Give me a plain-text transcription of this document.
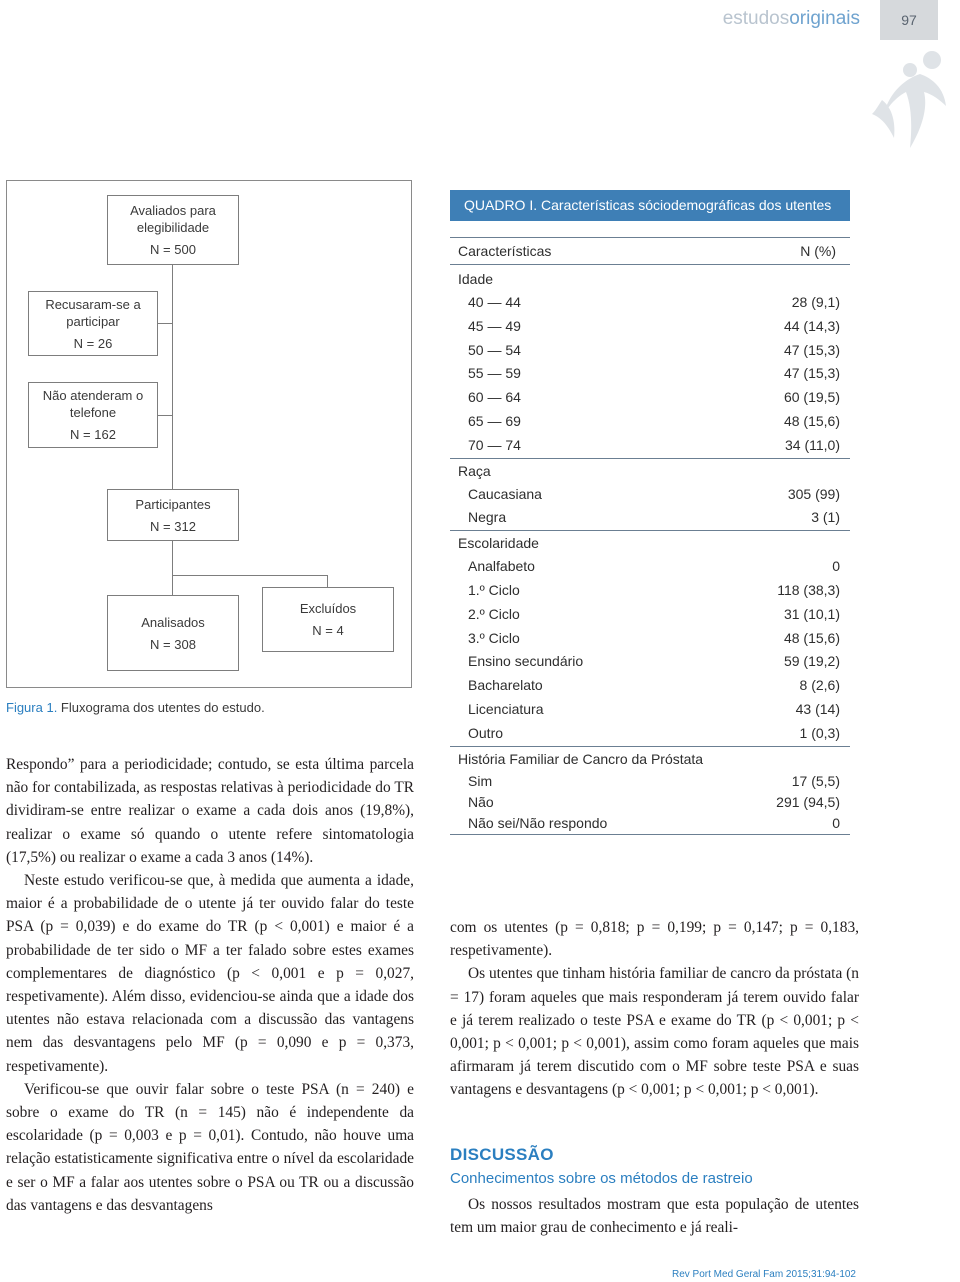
estudosoriginais	97
Avaliados para
elegibilidade
N = 500
Recusaram-se a
participar
N = 26
Não atenderam o
telefone
N = 162
Participantes
N = 312
Analisados
N = 308
Excluídos
N = 4
Figura 1. Fluxograma dos utentes do estudo.

Respondo” para a periodicidade; contudo, se esta última parcela não for contabilizada, as respostas relativas à periodicidade do TR dividiram-se entre realizar o exame a cada dois anos (19,8%), realizar o exame só quando o utente refere sintomatologia (17,5%) ou realizar o exame a cada 3 anos (14%).

Neste estudo verificou-se que, à medida que aumenta a idade, maior é a probabilidade de o utente já ter ouvido falar do teste PSA (p = 0,039) e do exame do TR (p < 0,001) e maior é a probabilidade de ter sido o MF a ter falado sobre estes exames complementares de diagnóstico (p < 0,001 e p = 0,027, respetivamente). Além disso, evidenciou-se ainda que a idade dos utentes não estava relacionada com a discussão das vantagens nem das desvantagens pelo MF (p = 0,090 e p = 0,373, respetivamente).

Verificou-se que ouvir falar sobre o teste PSA (n = 240) e sobre o exame do TR (n = 145) não é independente da escolaridade (p = 0,003 e p = 0,01). Contudo, não houve uma relação estatisticamente significativa entre o nível da escolaridade e ser o MF a falar aos utentes sobre o PSA ou TR ou a discussão das vantagens e das desvantagens

QUADRO I. Características sóciodemográficas dos utentes
Características	N (%)
Idade
40 — 44	28 (9,1)
45 — 49	44 (14,3)
50 — 54	47 (15,3)
55 — 59	47 (15,3)
60 — 64	60 (19,5)
65 — 69	48 (15,6)
70 — 74	34 (11,0)
Raça
Caucasiana	305 (99)
Negra	3 (1)
Escolaridade
Analfabeto	0
1.º Ciclo	118 (38,3)
2.º Ciclo	31 (10,1)
3.º Ciclo	48 (15,6)
Ensino secundário	59 (19,2)
Bacharelato	8 (2,6)
Licenciatura	43 (14)
Outro	1 (0,3)
História Familiar de Cancro da Próstata
Sim	17 (5,5)
Não	291 (94,5)
Não sei/Não respondo	0

com os utentes (p = 0,818; p = 0,199; p = 0,147; p = 0,183, respetivamente).

Os utentes que tinham história familiar de cancro da próstata (n = 17) foram aqueles que mais responderam já terem ouvido falar e já terem realizado o teste PSA e exame do TR (p < 0,001; p < 0,001; p < 0,001; p < 0,001), assim como foram aqueles que mais afirmaram já terem discutido com o MF sobre teste PSA e suas vantagens e desvantagens (p < 0,001; p < 0,001; p < 0,001).

DISCUSSÃO
Conhecimentos sobre os métodos de rastreio

Os nossos resultados mostram que esta população de utentes tem um maior grau de conhecimento e já reali-

Rev Port Med Geral Fam 2015;31:94-102
